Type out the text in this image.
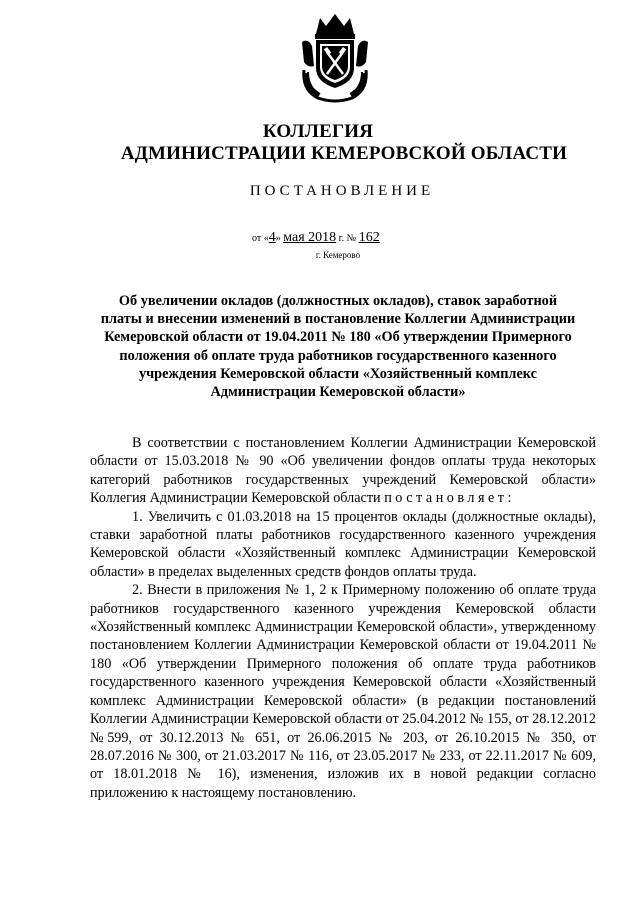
КОЛЛЕГИЯ
АДМИНИСТРАЦИИ КЕМЕРОВСКОЙ ОБЛАСТИ
ПОСТАНОВЛЕНИЕ
от «4» мая 2018 г. № 162
г. Кемерово
Об увеличении окладов (должностных окладов), ставок заработной платы и внесении изменений в постановление Коллегии Администрации Кемеровской области от 19.04.2011 № 180 «Об утверждении Примерного положения об оплате труда работников государственного казенного учреждения Кемеровской области «Хозяйственный комплекс Администрации Кемеровской области»

В соответствии с постановлением Коллегии Администрации Кемеровской области от 15.03.2018 № 90 «Об увеличении фондов оплаты труда некоторых категорий работников государственных учреждений Кемеровской области» Коллегия Администрации Кемеровской области постановляет:

1. Увеличить с 01.03.2018 на 15 процентов оклады (должностные оклады), ставки заработной платы работников государственного казенного учреждения Кемеровской области «Хозяйственный комплекс Администрации Кемеровской области» в пределах выделенных средств фондов оплаты труда.

2. Внести в приложения № 1, 2 к Примерному положению об оплате труда работников государственного казенного учреждения Кемеровской области «Хозяйственный комплекс Администрации Кемеровской области», утвержденному постановлением Коллегии Администрации Кемеровской области от 19.04.2011 № 180 «Об утверждении Примерного положения об оплате труда работников государственного казенного учреждения Кемеровской области «Хозяйственный комплекс Администрации Кемеровской области» (в редакции постановлений Коллегии Администрации Кемеровской области от 25.04.2012 № 155, от 28.12.2012 №599, от 30.12.2013 № 651, от 26.06.2015 № 203, от 26.10.2015 № 350, от 28.07.2016 № 300, от 21.03.2017 № 116, от 23.05.2017 № 233, от 22.11.2017 № 609, от 18.01.2018 № 16), изменения, изложив их в новой редакции согласно приложению к настоящему постановлению.
